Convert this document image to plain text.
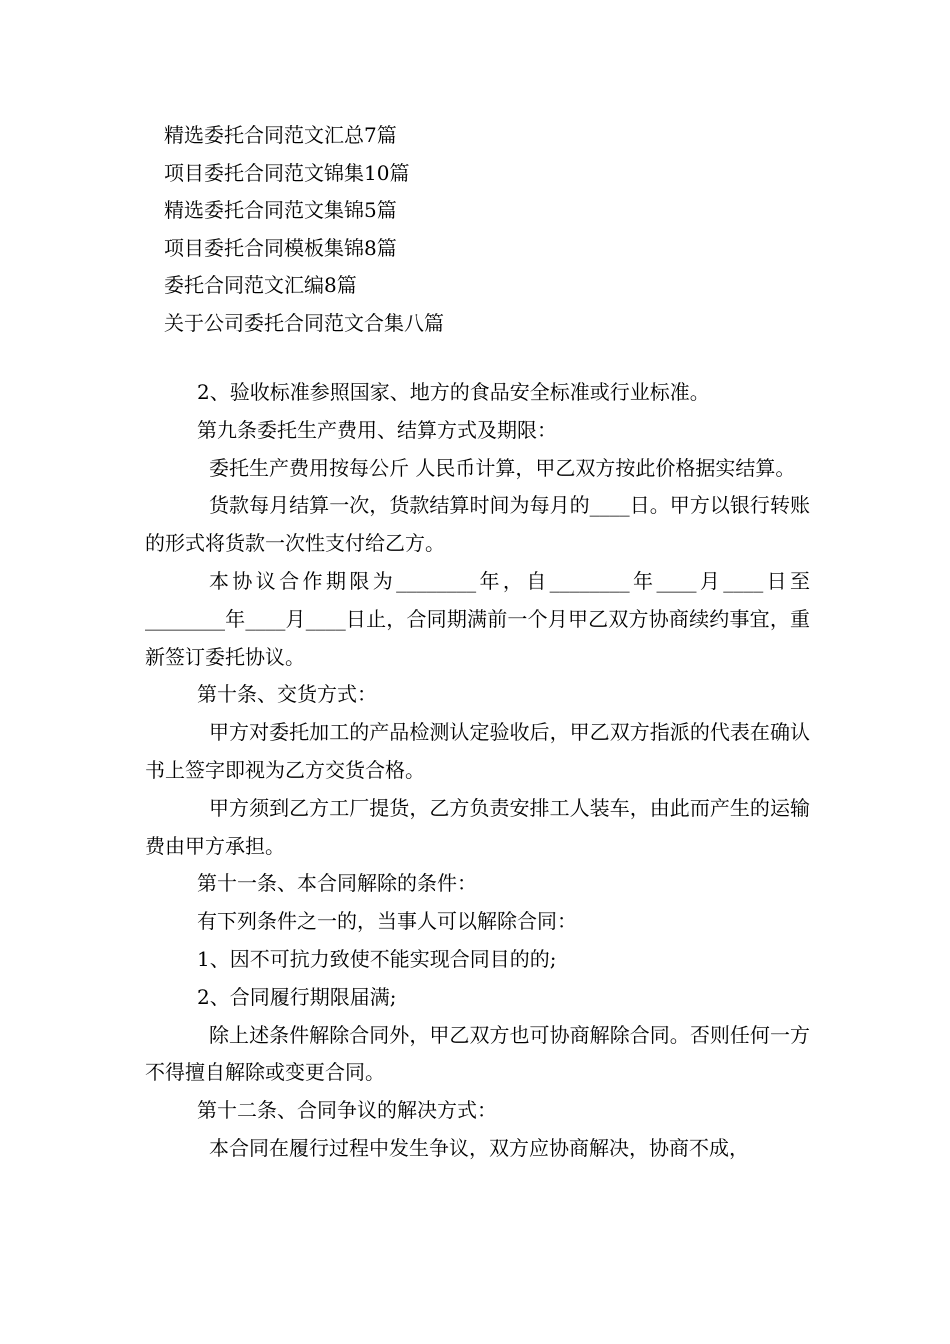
精选委托合同范文汇总7篇
项目委托合同范文锦集10篇
精选委托合同范文集锦5篇
项目委托合同模板集锦8篇
委托合同范文汇编8篇
关于公司委托合同范文合集八篇

2、验收标准参照国家、地方的食品安全标准或行业标准。

第九条委托生产费用、结算方式及期限：

委托生产费用按每公斤 人民币计算，甲乙双方按此价格据实结算。

货款每月结算一次，货款结算时间为每月的____日。甲方以银行转账的形式将货款一次性支付给乙方。

本协议合作期限为________年，自________年____月____日至________年____月____日止，合同期满前一个月甲乙双方协商续约事宜，重新签订委托协议。

第十条、交货方式：

甲方对委托加工的产品检测认定验收后，甲乙双方指派的代表在确认书上签字即视为乙方交货合格。

甲方须到乙方工厂提货，乙方负责安排工人装车，由此而产生的运输费由甲方承担。

第十一条、本合同解除的条件：

有下列条件之一的，当事人可以解除合同：

1、因不可抗力致使不能实现合同目的的;

2、合同履行期限届满;

除上述条件解除合同外，甲乙双方也可协商解除合同。否则任何一方不得擅自解除或变更合同。

第十二条、合同争议的解决方式：

本合同在履行过程中发生争议，双方应协商解决，协商不成，
